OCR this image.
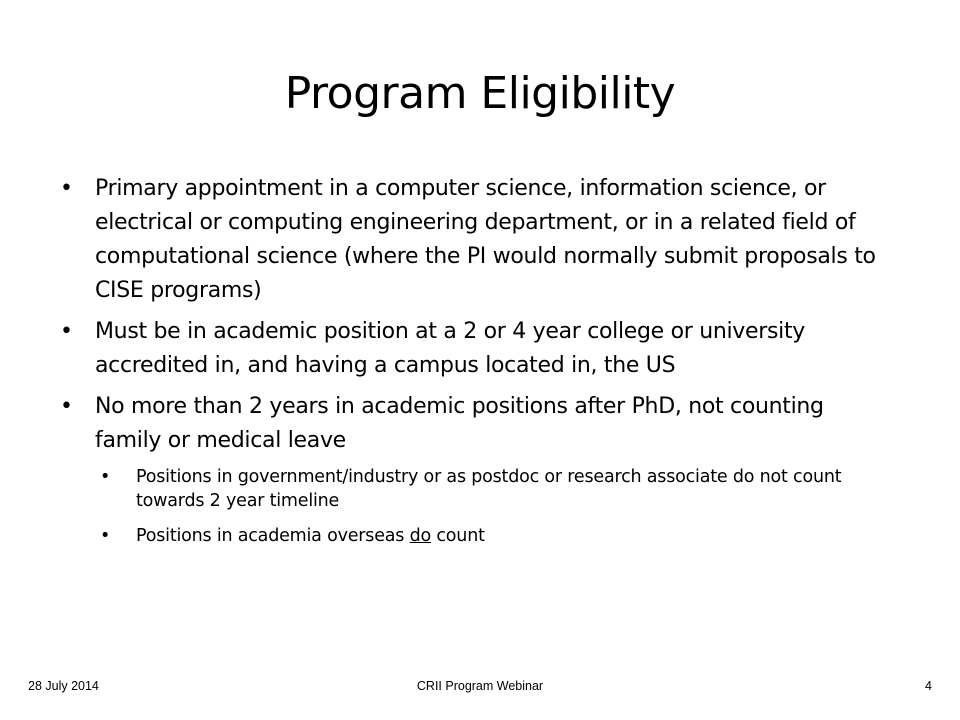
Program Eligibility
•	Primary appointment in a computer science, information science, or electrical or computing engineering department, or in a related field of computational science (where the PI would normally submit proposals to CISE programs)
•	Must be in academic position at a 2 or 4 year college or university accredited in, and having a campus located in, the US
•	No more than 2 years in academic positions after PhD, not counting family or medical leave
• Positions in government/industry or as postdoc or research associate do not count towards 2 year timeline
• Positions in academia overseas do count
28 July 2014	CRII Program Webinar	4
